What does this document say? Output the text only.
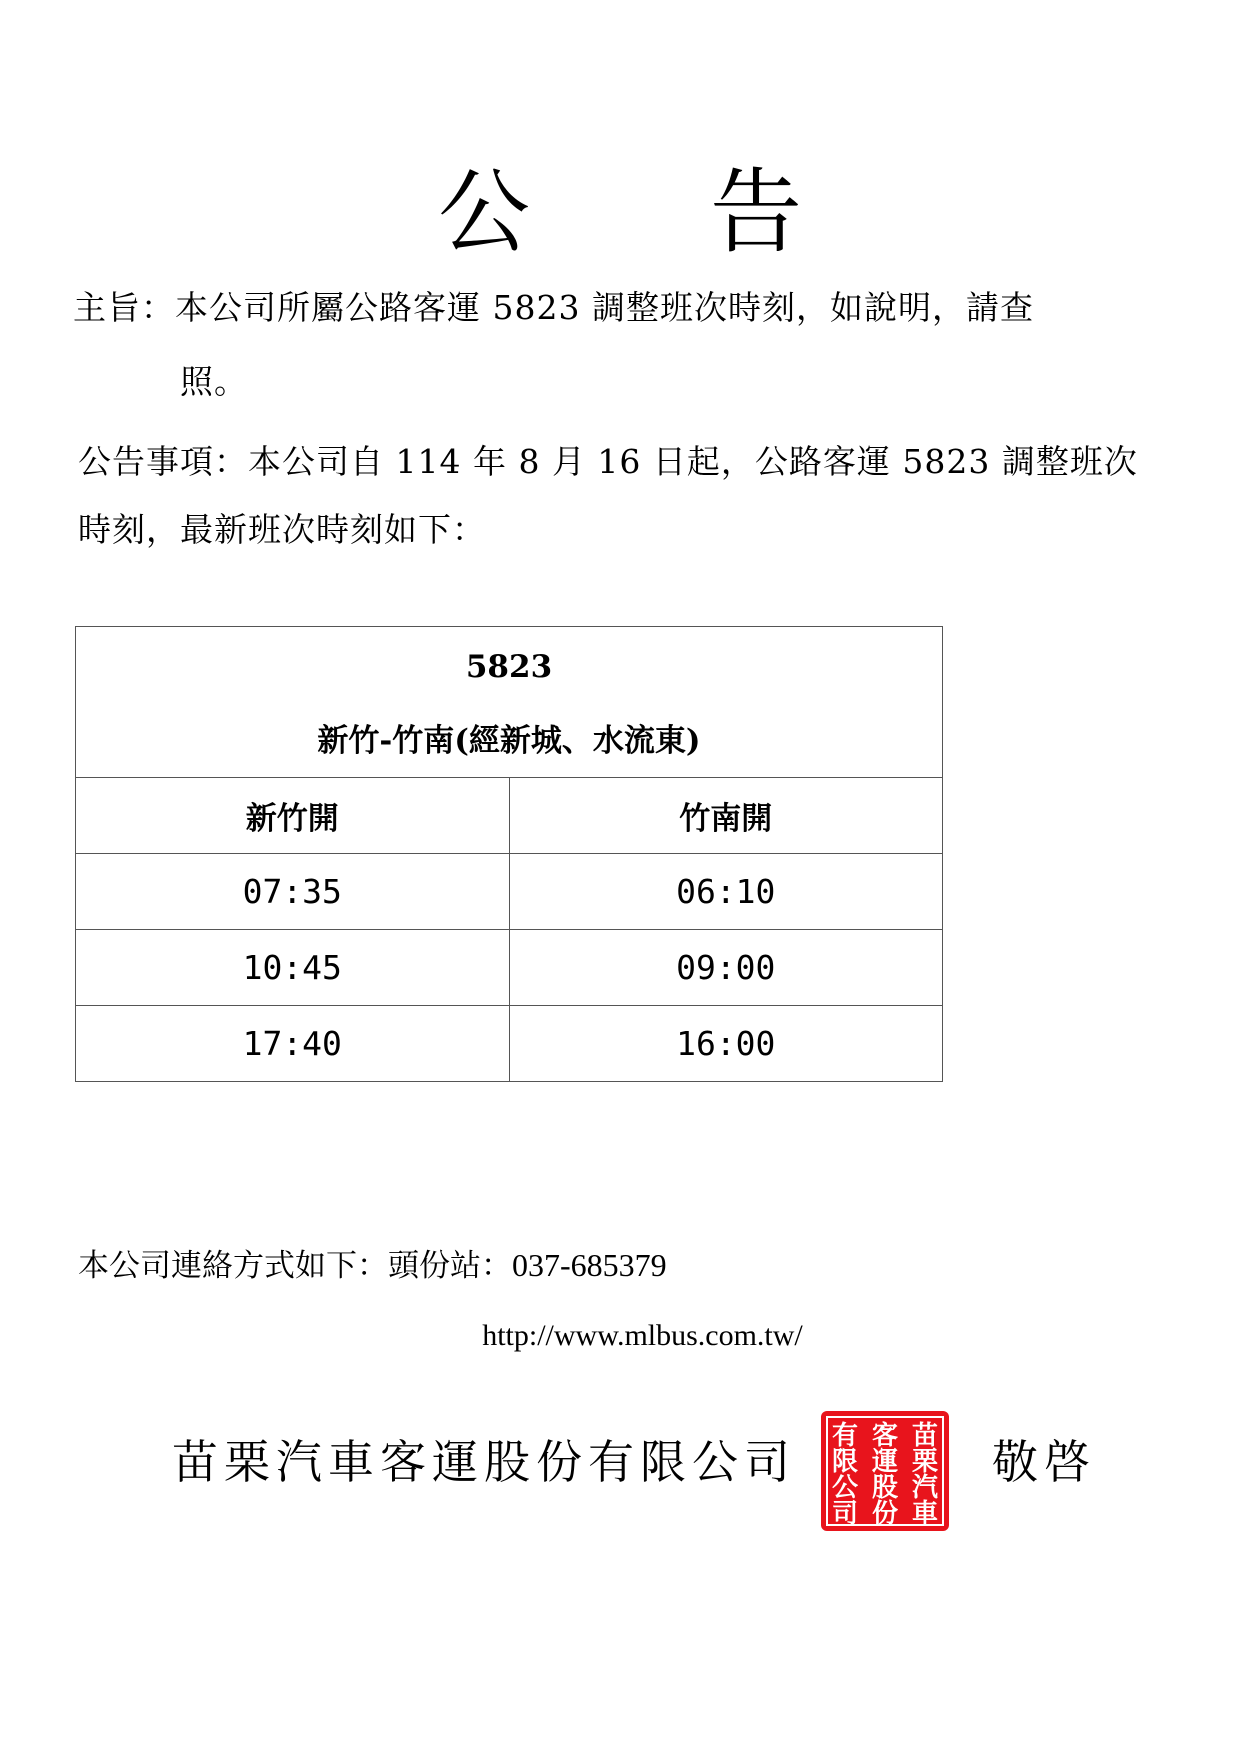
公 告
主旨：本公司所屬公路客運 5823 調整班次時刻，如說明，請查
照。
公告事項：本公司自 114 年 8 月 16 日起，公路客運 5823 調整班次
時刻，最新班次時刻如下：
5823
新竹-竹南(經新城、水流東)	

新竹開	竹南開
07:35	06:10
10:45	09:00
17:40	16:00
本公司連絡方式如下：頭份站：037-685379
http://www.mlbus.com.tw/
苗栗汽車客運股份有限公司	苗
栗
汽
車
客
運
股
份
有
限
公
司
敬啓
